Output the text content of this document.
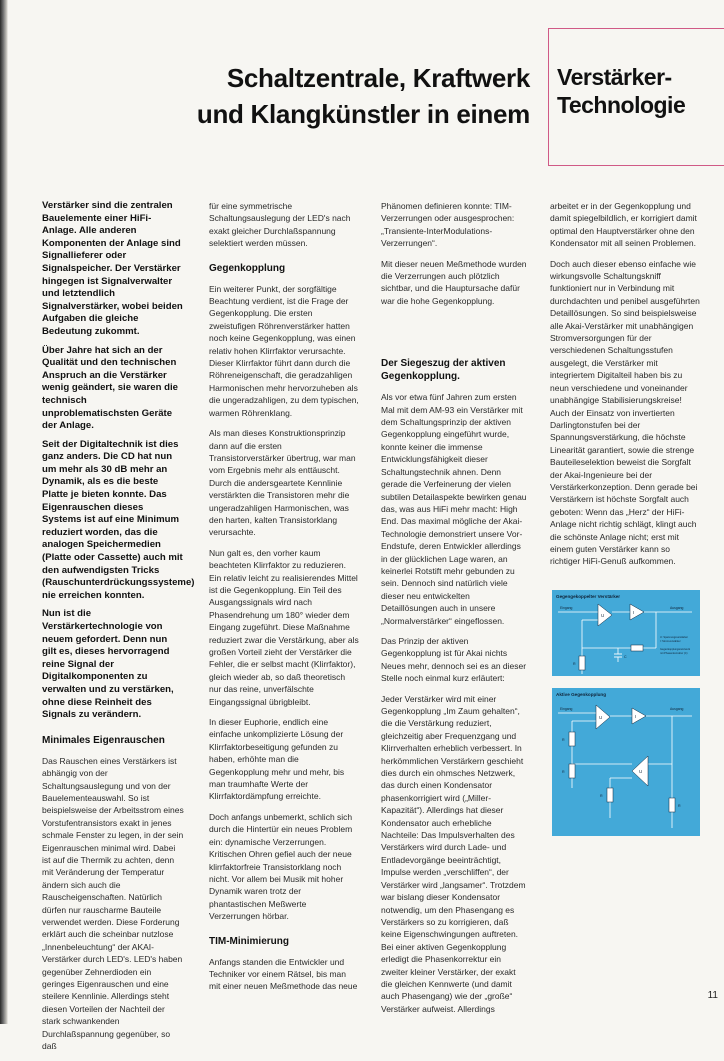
Schaltzentrale, Kraftwerk
und Klangkünstler in einem
Verstärker-
Technologie

Verstärker sind die zentralen Bauelemente einer HiFi-Anlage. Alle anderen Komponenten der Anlage sind Signallieferer oder Signalspeicher. Der Verstärker hingegen ist Signalverwalter und letztendlich Signalverstärker, wobei beiden Aufgaben die gleiche Bedeutung zukommt.

Über Jahre hat sich an der Qualität und den technischen Anspruch an die Verstärker wenig geändert, sie waren die technisch unproblematischsten Geräte der Anlage.

Seit der Digitaltechnik ist dies ganz anders. Die CD hat nun um mehr als 30 dB mehr an Dynamik, als es die beste Platte je bieten konnte. Das Eigenrauschen dieses Systems ist auf eine Minimum reduziert worden, das die analogen Speichermedien (Platte oder Cassette) auch mit den aufwendigsten Tricks (Rauschunterdrückungssysteme) nie erreichen konnten.

Nun ist die Verstärkertechnologie von neuem gefordert. Denn nun gilt es, dieses hervorragend reine Signal der Digitalkomponenten zu verwalten und zu verstärken, ohne diese Reinheit des Signals zu verändern.

Minimales Eigenrauschen

Das Rauschen eines Verstärkers ist abhängig von der Schaltungsauslegung und von der Bauelementeauswahl. So ist beispielsweise der Arbeitsstrom eines Vorstufentransistors exakt in jenes schmale Fenster zu legen, in der sein Eigenrauschen minimal wird. Dabei ist auf die Thermik zu achten, denn mit Veränderung der Temperatur ändern sich auch die Rauscheigenschaften. Natürlich dürfen nur rauscharme Bauteile verwendet werden. Diese Forderung erklärt auch die scheinbar nutzlose „Innenbeleuchtung“ der AKAI-Verstärker durch LED's. LED's haben gegenüber Zehnerdioden ein geringes Eigenrauschen und eine steilere Kennlinie. Allerdings steht diesen Vorteilen der Nachteil der stark schwankenden Durchlaßspannung gegenüber, so daß

für eine symmetrische Schaltungsauslegung der LED's nach exakt gleicher Durchlaßspannung selektiert werden müssen.

Gegenkopplung

Ein weiterer Punkt, der sorgfältige Beachtung verdient, ist die Frage der Gegenkopplung. Die ersten zweistufigen Röhrenverstärker hatten noch keine Gegenkopplung, was einen relativ hohen Klirrfaktor verursachte. Dieser Klirrfaktor führt dann durch die Röhreneigenschaft, die geradzahligen Harmonischen mehr hervorzuheben als die ungeradzahligen, zu dem typischen, warmen Röhrenklang.

Als man dieses Konstruktionsprinzip dann auf die ersten Transistorverstärker übertrug, war man vom Ergebnis mehr als enttäuscht. Durch die andersgeartete Kennlinie verstärkten die Transistoren mehr die ungeradzahligen Harmonischen, was den harten, kalten Transistorklang verursachte.

Nun galt es, den vorher kaum beachteten Klirrfaktor zu reduzieren. Ein relativ leicht zu realisierendes Mittel ist die Gegenkopplung. Ein Teil des Ausgangssignals wird nach Phasendrehung um 180° wieder dem Eingang zugeführt. Diese Maßnahme reduziert zwar die Verstärkung, aber als großen Vorteil zieht der Verstärker die Fehler, die er selbst macht (Klirrfaktor), gleich wieder ab, so daß theoretisch nur das reine, unverfälschte Eingangssignal übrigbleibt.

In dieser Euphorie, endlich eine einfache unkomplizierte Lösung der Klirrfaktorbeseitigung gefunden zu haben, erhöhte man die Gegenkopplung mehr und mehr, bis man traumhafte Werte der Klirrfaktordämpfung erreichte.

Doch anfangs unbemerkt, schlich sich durch die Hintertür ein neues Problem ein: dynamische Verzerrungen. Kritischen Ohren gefiel auch der neue klirrfaktorfreie Transistorklang noch nicht. Vor allem bei Musik mit hoher Dynamik waren trotz der phantastischen Meßwerte Verzerrungen hörbar.

TIM-Minimierung

Anfangs standen die Entwickler und Techniker vor einem Rätsel, bis man mit einer neuen Meßmethode das neue

Phänomen definieren konnte: TIM-Verzerrungen oder ausgesprochen: „Transiente-InterModulations-Verzerrungen“.

Mit dieser neuen Meßmethode wurden die Verzerrungen auch plötzlich sichtbar, und die Hauptursache dafür war die hohe Gegenkopplung.

Der Siegeszug der aktiven Gegenkopplung.

Als vor etwa fünf Jahren zum ersten Mal mit dem AM-93 ein Verstärker mit dem Schaltungsprinzip der aktiven Gegenkopplung eingeführt wurde, konnte keiner die immense Entwicklungsfähigkeit dieser Schaltungstechnik ahnen. Denn gerade die Verfeinerung der vielen subtilen Detailaspekte bewirken genau das, was aus HiFi mehr macht: High End. Das maximal mögliche der Akai-Technologie demonstriert unsere Vor-Endstufe, deren Entwickler allerdings in der glücklichen Lage waren, an keinerlei Rotstift mehr gebunden zu sein. Dennoch sind natürlich viele dieser neu entwickelten Detaillösungen auch in unsere „Normalverstärker“ eingeflossen.

Das Prinzip der aktiven Gegenkopplung ist für Akai nichts Neues mehr, dennoch sei es an dieser Stelle noch einmal kurz erläutert:

Jeder Verstärker wird mit einer Gegenkopplung „Im Zaum gehalten“, die die Verstärkung reduziert, gleichzeitig aber Frequenzgang und Klirrverhalten erheblich verbessert. In herkömmlichen Verstärkern geschieht dies durch ein ohmsches Netzwerk, das durch einen Kondensator phasenkorrigiert wird („Miller-Kapazität“). Allerdings hat dieser Kondensator auch erhebliche Nachteile: Das Impulsverhalten des Verstärkers wird durch Lade- und Entladevorgänge beeinträchtigt, Impulse werden „verschliffen“, der Verstärker wird „langsamer“. Trotzdem war bislang dieser Kondensator notwendig, um den Phasengang es Verstärkers so zu korrigieren, daß keine Eigenschwingungen auftreten. Bei einer aktiven Gegenkopplung erledigt die Phasenkorrektur ein zweiter kleiner Verstärker, der exakt die gleichen Kennwerte (und damit auch Phasengang) wie der „große“ Verstärker aufweist. Allerdings

arbeitet er in der Gegenkopplung und damit spiegelbildlich, er korrigiert damit optimal den Hauptverstärker ohne den Kondensator mit all seinen Problemen.

Doch auch dieser ebenso einfache wie wirkungsvolle Schaltungskniff funktioniert nur in Verbindung mit durchdachten und penibel ausgeführten Detaillösungen. So sind beispielsweise alle Akai-Verstärker mit unabhängigen Stromversorgungen für der verschiedenen Schaltungsstufen ausgelegt, die Verstärker mit integriertem Digitalteil haben bis zu neun verschiedene und voneinander unabhängige Stabilisierungskreise! Auch der Einsatz von invertierten Darlingtonstufen bei der Spannungsverstärkung, die höchste Linearität garantiert, sowie die strenge Bauteileselektion beweist die Sorgfalt der Akai-Ingenieure bei der Verstärkerkonzeption. Denn gerade bei Verstärkern ist höchste Sorgfalt auch geboten: Wenn das „Herz“ der HiFi-Anlage nicht richtig schlägt, klingt auch die schönste Anlage nicht; erst mit einem guten Verstärker kann so richtiger HiFi-Genuß aufkommen.

Gegengekoppelter Verstärker
Eingang	Ausgang
U
I
R
C
U: Spannungsverstärker
I: Stromverstärker
Gegenkopplungsnetzwerk
mit Phasenkorrektur (C)
Aktive Gegenkopplung
Eingang	Ausgang
U	I
U
R
R
R
R
11
